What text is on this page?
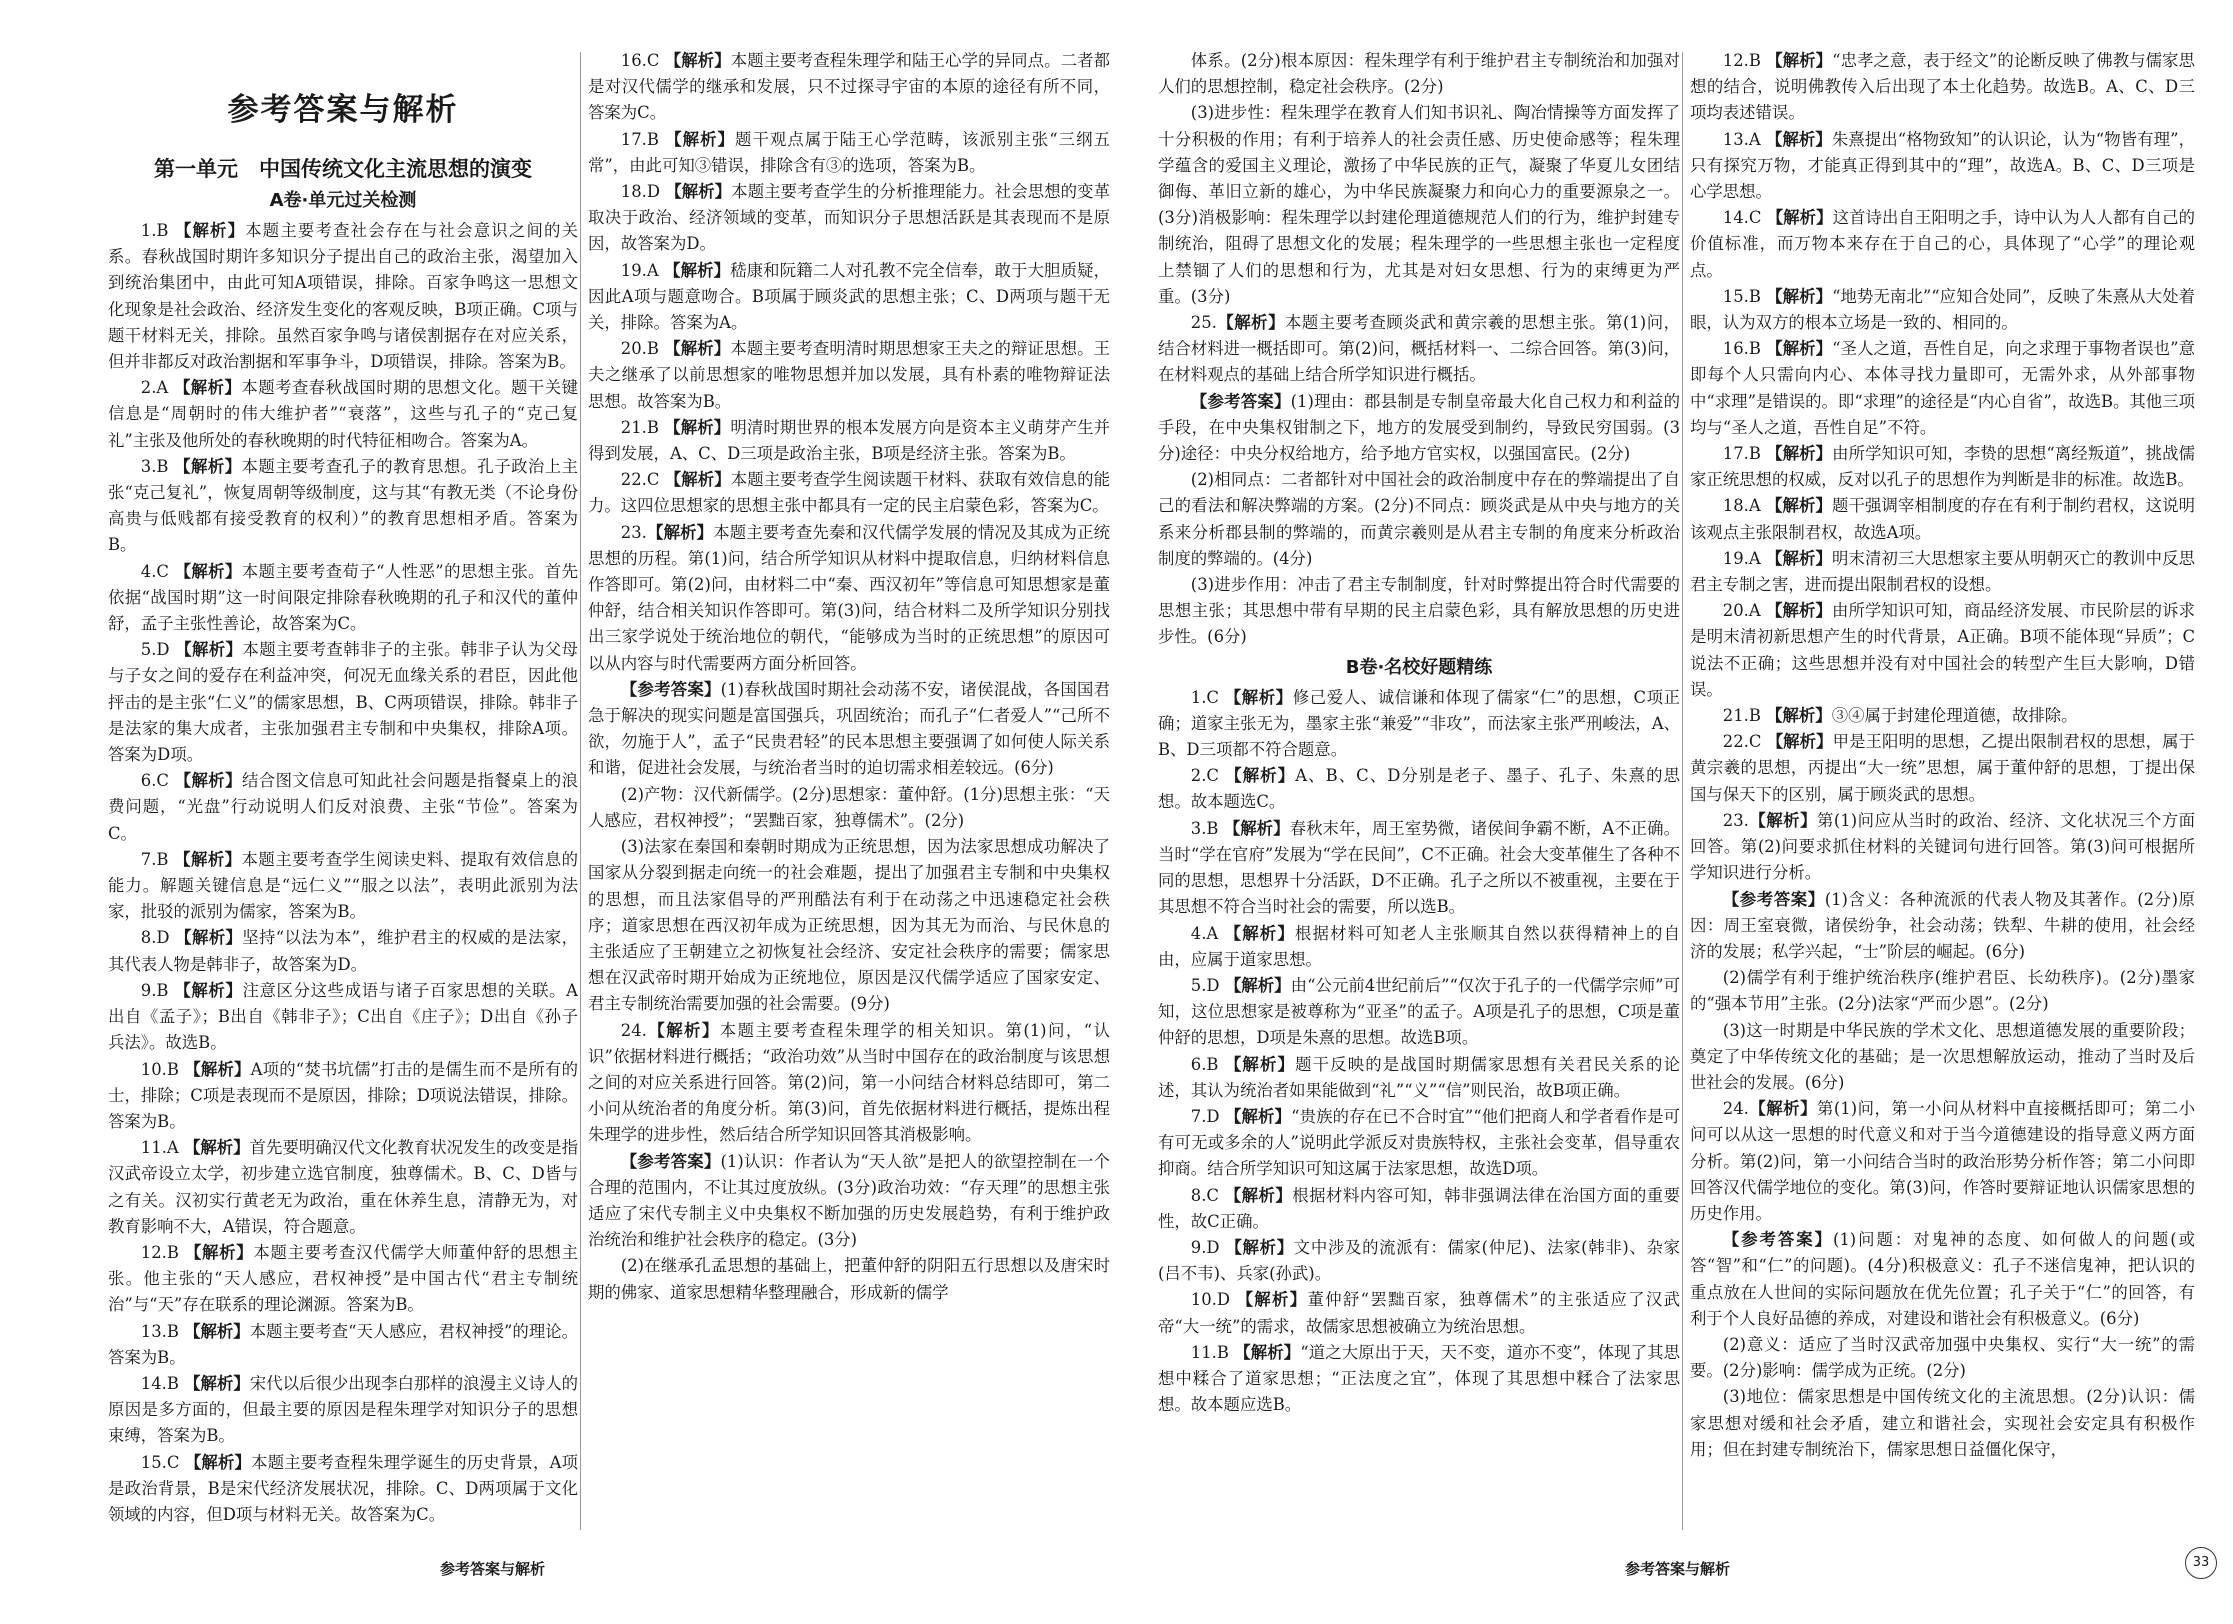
参考答案与解析
第一单元　中国传统文化主流思想的演变
A卷·单元过关检测

1.B 【解析】本题主要考查社会存在与社会意识之间的关系。春秋战国时期许多知识分子提出自己的政治主张，渴望加入到统治集团中，由此可知A项错误，排除。百家争鸣这一思想文化现象是社会政治、经济发生变化的客观反映，B项正确。C项与题干材料无关，排除。虽然百家争鸣与诸侯割据存在对应关系，但并非都反对政治割据和军事争斗，D项错误，排除。答案为B。

2.A 【解析】本题考查春秋战国时期的思想文化。题干关键信息是“周朝时的伟大维护者”“衰落”，这些与孔子的“克己复礼”主张及他所处的春秋晚期的时代特征相吻合。答案为A。

3.B 【解析】本题主要考查孔子的教育思想。孔子政治上主张“克己复礼”，恢复周朝等级制度，这与其“有教无类（不论身份高贵与低贱都有接受教育的权利）”的教育思想相矛盾。答案为B。

4.C 【解析】本题主要考查荀子“人性恶”的思想主张。首先依据“战国时期”这一时间限定排除春秋晚期的孔子和汉代的董仲舒，孟子主张性善论，故答案为C。

5.D 【解析】本题主要考查韩非子的主张。韩非子认为父母与子女之间的爱存在利益冲突，何况无血缘关系的君臣，因此他抨击的是主张“仁义”的儒家思想，B、C两项错误，排除。韩非子是法家的集大成者，主张加强君主专制和中央集权，排除A项。答案为D项。

6.C 【解析】结合图文信息可知此社会问题是指餐桌上的浪费问题，“光盘”行动说明人们反对浪费、主张“节俭”。答案为C。

7.B 【解析】本题主要考查学生阅读史料、提取有效信息的能力。解题关键信息是“远仁义”“服之以法”，表明此派别为法家，批驳的派别为儒家，答案为B。

8.D 【解析】坚持“以法为本”，维护君主的权威的是法家，其代表人物是韩非子，故答案为D。

9.B 【解析】注意区分这些成语与诸子百家思想的关联。A出自《孟子》；B出自《韩非子》；C出自《庄子》；D出自《孙子兵法》。故选B。

10.B 【解析】A项的“焚书坑儒”打击的是儒生而不是所有的士，排除；C项是表现而不是原因，排除；D项说法错误，排除。答案为B。

11.A 【解析】首先要明确汉代文化教育状况发生的改变是指汉武帝设立太学，初步建立选官制度，独尊儒术。B、C、D皆与之有关。汉初实行黄老无为政治，重在休养生息，清静无为，对教育影响不大，A错误，符合题意。

12.B 【解析】本题主要考查汉代儒学大师董仲舒的思想主张。他主张的“天人感应，君权神授”是中国古代“君主专制统治”与“天”存在联系的理论渊源。答案为B。

13.B 【解析】本题主要考查“天人感应，君权神授”的理论。答案为B。

14.B 【解析】宋代以后很少出现李白那样的浪漫主义诗人的原因是多方面的，但最主要的原因是程朱理学对知识分子的思想束缚，答案为B。

15.C 【解析】本题主要考查程朱理学诞生的历史背景，A项是政治背景，B是宋代经济发展状况，排除。C、D两项属于文化领域的内容，但D项与材料无关。故答案为C。

16.C 【解析】本题主要考查程朱理学和陆王心学的异同点。二者都是对汉代儒学的继承和发展，只不过探寻宇宙的本原的途径有所不同，答案为C。

17.B 【解析】题干观点属于陆王心学范畴，该派别主张“三纲五常”，由此可知③错误，排除含有③的选项，答案为B。

18.D 【解析】本题主要考查学生的分析推理能力。社会思想的变革取决于政治、经济领域的变革，而知识分子思想活跃是其表现而不是原因，故答案为D。

19.A 【解析】嵇康和阮籍二人对孔教不完全信奉，敢于大胆质疑，因此A项与题意吻合。B项属于顾炎武的思想主张；C、D两项与题干无关，排除。答案为A。

20.B 【解析】本题主要考查明清时期思想家王夫之的辩证思想。王夫之继承了以前思想家的唯物思想并加以发展，具有朴素的唯物辩证法思想。故答案为B。

21.B 【解析】明清时期世界的根本发展方向是资本主义萌芽产生并得到发展，A、C、D三项是政治主张，B项是经济主张。答案为B。

22.C 【解析】本题主要考查学生阅读题干材料、获取有效信息的能力。这四位思想家的思想主张中都具有一定的民主启蒙色彩，答案为C。

23.【解析】本题主要考查先秦和汉代儒学发展的情况及其成为正统思想的历程。第(1)问，结合所学知识从材料中提取信息，归纳材料信息作答即可。第(2)问，由材料二中“秦、西汉初年”等信息可知思想家是董仲舒，结合相关知识作答即可。第(3)问，结合材料二及所学知识分别找出三家学说处于统治地位的朝代，“能够成为当时的正统思想”的原因可以从内容与时代需要两方面分析回答。

【参考答案】(1)春秋战国时期社会动荡不安，诸侯混战，各国国君急于解决的现实问题是富国强兵，巩固统治；而孔子“仁者爱人”“己所不欲，勿施于人”，孟子“民贵君轻”的民本思想主要强调了如何使人际关系和谐，促进社会发展，与统治者当时的迫切需求相差较远。(6分)

(2)产物：汉代新儒学。(2分)思想家：董仲舒。(1分)思想主张：“天人感应，君权神授”；“罢黜百家，独尊儒术”。(2分)

(3)法家在秦国和秦朝时期成为正统思想，因为法家思想成功解决了国家从分裂到据走向统一的社会难题，提出了加强君主专制和中央集权的思想，而且法家倡导的严刑酷法有利于在动荡之中迅速稳定社会秩序；道家思想在西汉初年成为正统思想，因为其无为而治、与民休息的主张适应了王朝建立之初恢复社会经济、安定社会秩序的需要；儒家思想在汉武帝时期开始成为正统地位，原因是汉代儒学适应了国家安定、君主专制统治需要加强的社会需要。(9分)

24.【解析】本题主要考查程朱理学的相关知识。第(1)问，“认识”依据材料进行概括；“政治功效”从当时中国存在的政治制度与该思想之间的对应关系进行回答。第(2)问，第一小问结合材料总结即可，第二小问从统治者的角度分析。第(3)问，首先依据材料进行概括，提炼出程朱理学的进步性，然后结合所学知识回答其消极影响。

【参考答案】(1)认识：作者认为“天人欲”是把人的欲望控制在一个合理的范围内，不让其过度放纵。(3分)政治功效：“存天理”的思想主张适应了宋代专制主义中央集权不断加强的历史发展趋势，有利于维护政治统治和维护社会秩序的稳定。(3分)

(2)在继承孔孟思想的基础上，把董仲舒的阴阳五行思想以及唐宋时期的佛家、道家思想精华整理融合，形成新的儒学

体系。(2分)根本原因：程朱理学有利于维护君主专制统治和加强对人们的思想控制，稳定社会秩序。(2分)

(3)进步性：程朱理学在教育人们知书识礼、陶冶情操等方面发挥了十分积极的作用；有利于培养人的社会责任感、历史使命感等；程朱理学蕴含的爱国主义理论，激扬了中华民族的正气，凝聚了华夏儿女团结御侮、革旧立新的雄心，为中华民族凝聚力和向心力的重要源泉之一。(3分)消极影响：程朱理学以封建伦理道德规范人们的行为，维护封建专制统治，阻碍了思想文化的发展；程朱理学的一些思想主张也一定程度上禁锢了人们的思想和行为，尤其是对妇女思想、行为的束缚更为严重。(3分)

25.【解析】本题主要考查顾炎武和黄宗羲的思想主张。第(1)问，结合材料进一概括即可。第(2)问，概括材料一、二综合回答。第(3)问，在材料观点的基础上结合所学知识进行概括。

【参考答案】(1)理由：郡县制是专制皇帝最大化自己权力和利益的手段，在中央集权钳制之下，地方的发展受到制约，导致民穷国弱。(3分)途径：中央分权给地方，给予地方官实权，以强国富民。(2分)

(2)相同点：二者都针对中国社会的政治制度中存在的弊端提出了自己的看法和解决弊端的方案。(2分)不同点：顾炎武是从中央与地方的关系来分析郡县制的弊端的，而黄宗羲则是从君主专制的角度来分析政治制度的弊端的。(4分)

(3)进步作用：冲击了君主专制制度，针对时弊提出符合时代需要的思想主张；其思想中带有早期的民主启蒙色彩，具有解放思想的历史进步性。(6分)

B卷·名校好题精练

1.C 【解析】修己爱人、诚信谦和体现了儒家“仁”的思想，C项正确；道家主张无为，墨家主张“兼爱”“非攻”，而法家主张严刑峻法，A、B、D三项都不符合题意。

2.C 【解析】A、B、C、D分别是老子、墨子、孔子、朱熹的思想。故本题选C。

3.B 【解析】春秋末年，周王室势微，诸侯间争霸不断，A不正确。当时“学在官府”发展为“学在民间”，C不正确。社会大变革催生了各种不同的思想，思想界十分活跃，D不正确。孔子之所以不被重视，主要在于其思想不符合当时社会的需要，所以选B。

4.A 【解析】根据材料可知老人主张顺其自然以获得精神上的自由，应属于道家思想。

5.D 【解析】由“公元前4世纪前后”“仅次于孔子的一代儒学宗师”可知，这位思想家是被尊称为“亚圣”的孟子。A项是孔子的思想，C项是董仲舒的思想，D项是朱熹的思想。故选B项。

6.B 【解析】题干反映的是战国时期儒家思想有关君民关系的论述，其认为统治者如果能做到“礼”“义”“信”则民治，故B项正确。

7.D 【解析】“贵族的存在已不合时宜”“他们把商人和学者看作是可有可无或多余的人”说明此学派反对贵族特权，主张社会变革，倡导重农抑商。结合所学知识可知这属于法家思想，故选D项。

8.C 【解析】根据材料内容可知，韩非强调法律在治国方面的重要性，故C正确。

9.D 【解析】文中涉及的流派有：儒家(仲尼)、法家(韩非)、杂家(吕不韦)、兵家(孙武)。

10.D 【解析】董仲舒“罢黜百家，独尊儒术”的主张适应了汉武帝“大一统”的需求，故儒家思想被确立为统治思想。

11.B 【解析】“道之大原出于天，天不变，道亦不变”，体现了其思想中糅合了道家思想；“正法度之宜”，体现了其思想中糅合了法家思想。故本题应选B。

12.B 【解析】“忠孝之意，表于经文”的论断反映了佛教与儒家思想的结合，说明佛教传入后出现了本土化趋势。故选B。A、C、D三项均表述错误。

13.A 【解析】朱熹提出“格物致知”的认识论，认为“物皆有理”，只有探究万物，才能真正得到其中的“理”，故选A。B、C、D三项是心学思想。

14.C 【解析】这首诗出自王阳明之手，诗中认为人人都有自己的价值标准，而万物本来存在于自己的心，具体现了“心学”的理论观点。

15.B 【解析】“地势无南北”“应知合处同”，反映了朱熹从大处着眼，认为双方的根本立场是一致的、相同的。

16.B 【解析】“圣人之道，吾性自足，向之求理于事物者误也”意即每个人只需向内心、本体寻找力量即可，无需外求，从外部事物中“求理”是错误的。即“求理”的途径是“内心自省”，故选B。其他三项均与“圣人之道，吾性自足”不符。

17.B 【解析】由所学知识可知，李贽的思想“离经叛道”，挑战儒家正统思想的权威，反对以孔子的思想作为判断是非的标准。故选B。

18.A 【解析】题干强调宰相制度的存在有利于制约君权，这说明该观点主张限制君权，故选A项。

19.A 【解析】明末清初三大思想家主要从明朝灭亡的教训中反思君主专制之害，进而提出限制君权的设想。

20.A 【解析】由所学知识可知，商品经济发展、市民阶层的诉求是明末清初新思想产生的时代背景，A正确。B项不能体现“异质”；C说法不正确；这些思想并没有对中国社会的转型产生巨大影响，D错误。

21.B 【解析】③④属于封建伦理道德，故排除。

22.C 【解析】甲是王阳明的思想，乙提出限制君权的思想，属于黄宗羲的思想，丙提出“大一统”思想，属于董仲舒的思想，丁提出保国与保天下的区别，属于顾炎武的思想。

23.【解析】第(1)问应从当时的政治、经济、文化状况三个方面回答。第(2)问要求抓住材料的关键词句进行回答。第(3)问可根据所学知识进行分析。

【参考答案】(1)含义：各种流派的代表人物及其著作。(2分)原因：周王室衰微，诸侯纷争，社会动荡；铁犁、牛耕的使用，社会经济的发展；私学兴起，“士”阶层的崛起。(6分)

(2)儒学有利于维护统治秩序(维护君臣、长幼秩序)。(2分)墨家的“强本节用”主张。(2分)法家“严而少恩”。(2分)

(3)这一时期是中华民族的学术文化、思想道德发展的重要阶段；奠定了中华传统文化的基础；是一次思想解放运动，推动了当时及后世社会的发展。(6分)

24.【解析】第(1)问，第一小问从材料中直接概括即可；第二小问可以从这一思想的时代意义和对于当今道德建设的指导意义两方面分析。第(2)问，第一小问结合当时的政治形势分析作答；第二小问即回答汉代儒学地位的变化。第(3)问，作答时要辩证地认识儒家思想的历史作用。

【参考答案】(1)问题：对鬼神的态度、如何做人的问题(或答“智”和“仁”的问题)。(4分)积极意义：孔子不迷信鬼神，把认识的重点放在人世间的实际问题放在优先位置；孔子关于“仁”的回答，有利于个人良好品德的养成，对建设和谐社会有积极意义。(6分)

(2)意义：适应了当时汉武帝加强中央集权、实行“大一统”的需要。(2分)影响：儒学成为正统。(2分)

(3)地位：儒家思想是中国传统文化的主流思想。(2分)认识：儒家思想对缓和社会矛盾，建立和谐社会，实现社会安定具有积极作用；但在封建专制统治下，儒家思想日益僵化保守，

参考答案与解析	参考答案与解析	33
